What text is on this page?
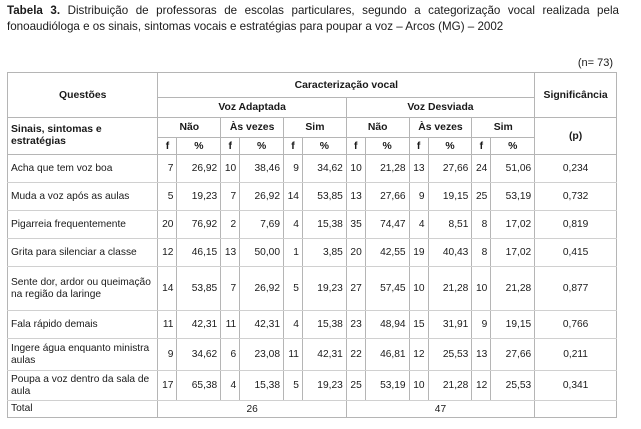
Tabela 3. Distribuição de professoras de escolas particulares, segundo a categorização vocal realizada pela fonoaudióloga e os sinais, sintomas vocais e estratégias para poupar a voz – Arcos (MG) – 2002
(n= 73)
Questões	Caracterização vocal												Significância
	Voz Adaptada						Voz Desviada						
Sinais, sintomas e estratégias	Não		Às vezes		Sim		Não		Às vezes		Sim		(p)
	f	%	f	%	f	%	f	%	f	%	f	%	
Acha que tem voz boa	7	26,92	10	38,46	9	34,62	10	21,28	13	27,66	24	51,06	0,234
Muda a voz após as aulas	5	19,23	7	26,92	14	53,85	13	27,66	9	19,15	25	53,19	0,732
Pigarreia frequentemente	20	76,92	2	7,69	4	15,38	35	74,47	4	8,51	8	17,02	0,819
Grita para silenciar a classe	12	46,15	13	50,00	1	3,85	20	42,55	19	40,43	8	17,02	0,415
Sente dor, ardor ou queimação na região da laringe	14	53,85	7	26,92	5	19,23	27	57,45	10	21,28	10	21,28	0,877
Fala rápido demais	11	42,31	11	42,31	4	15,38	23	48,94	15	31,91	9	19,15	0,766
Ingere água enquanto ministra aulas	9	34,62	6	23,08	11	42,31	22	46,81	12	25,53	13	27,66	0,211
Poupa a voz dentro da sala de aula	17	65,38	4	15,38	5	19,23	25	53,19	10	21,28	12	25,53	0,341
Total	26						47						
